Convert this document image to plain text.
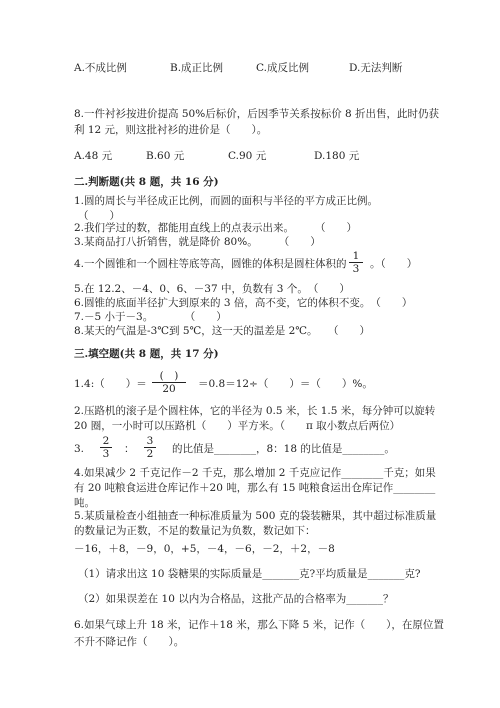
A.不成比例	B.成正比例	C.成反比例	D.无法判断
8.一件衬衫按进价提高 50%后标价，后因季节关系按标价 8 折出售，此时仍获
利 12 元，则这批衬衫的进价是（　　）。
A.48 元	B.60 元	C.90 元	D.180 元
二.判断题(共 8 题，共 16 分)
1.圆的周长与半径成正比例，而圆的面积与半径的平方成正比例。
（　　）
2.我们学过的数，都能用直线上的点表示出来。　　　（　　）
3.某商品打八折销售，就是降价 80%。　　　（　　）
4.一个圆锥和一个圆柱等底等高，圆锥的体积是圆柱体积的 $\frac{1}{3}$ 。（　　）
5.在 12.2、－4、0、6、－37 中，负数有 3 个。　（　　）
6.圆锥的底面半径扩大到原来的 3 倍，高不变，它的体积不变。　（　　）
7.－5 小于－3。　　　　（　　）
8.某天的气温是-3℃到 5℃，这一天的温差是 2℃。　　（　　）
三.填空题(共 8 题，共 17 分)
1.4:（　　）＝
(　)
20	＝0.8＝12÷（　　）＝（　　）%。
2.压路机的滚子是个圆柱体，它的半径为 0.5 米，长 1.5 米，每分钟可以旋转
20 圈，一小时可以压路机（　　）平方米。（　　π 取小数点后两位）
3. $\frac{2}{3}$ ： $\frac{3}{2}$ 的比值是________，8：18 的比值是________。
4.如果减少 2 千克记作－2 千克，那么增加 2 千克应记作________千克；如果
有 20 吨粮食运进仓库记作＋20 吨，那么有 15 吨粮食运出仓库记作________
吨。
5.某质量检查小组抽查一种标准质量为 500 克的袋装糖果，其中超过标准质量
的数量记为正数，不足的数量记为负数，数记如下：
－16，＋8，－9，0，+5，－4，－6，－2，＋2，－8
（1）请求出这 10 袋糖果的实际质量是_______克?平均质量是_______克?
（2）如果误差在 10 以内为合格品，这批产品的合格率为_______？
6.如果气球上升 18 米，记作＋18 米，那么下降 5 米，记作（　　），在原位置
不升不降记作（　　）。
